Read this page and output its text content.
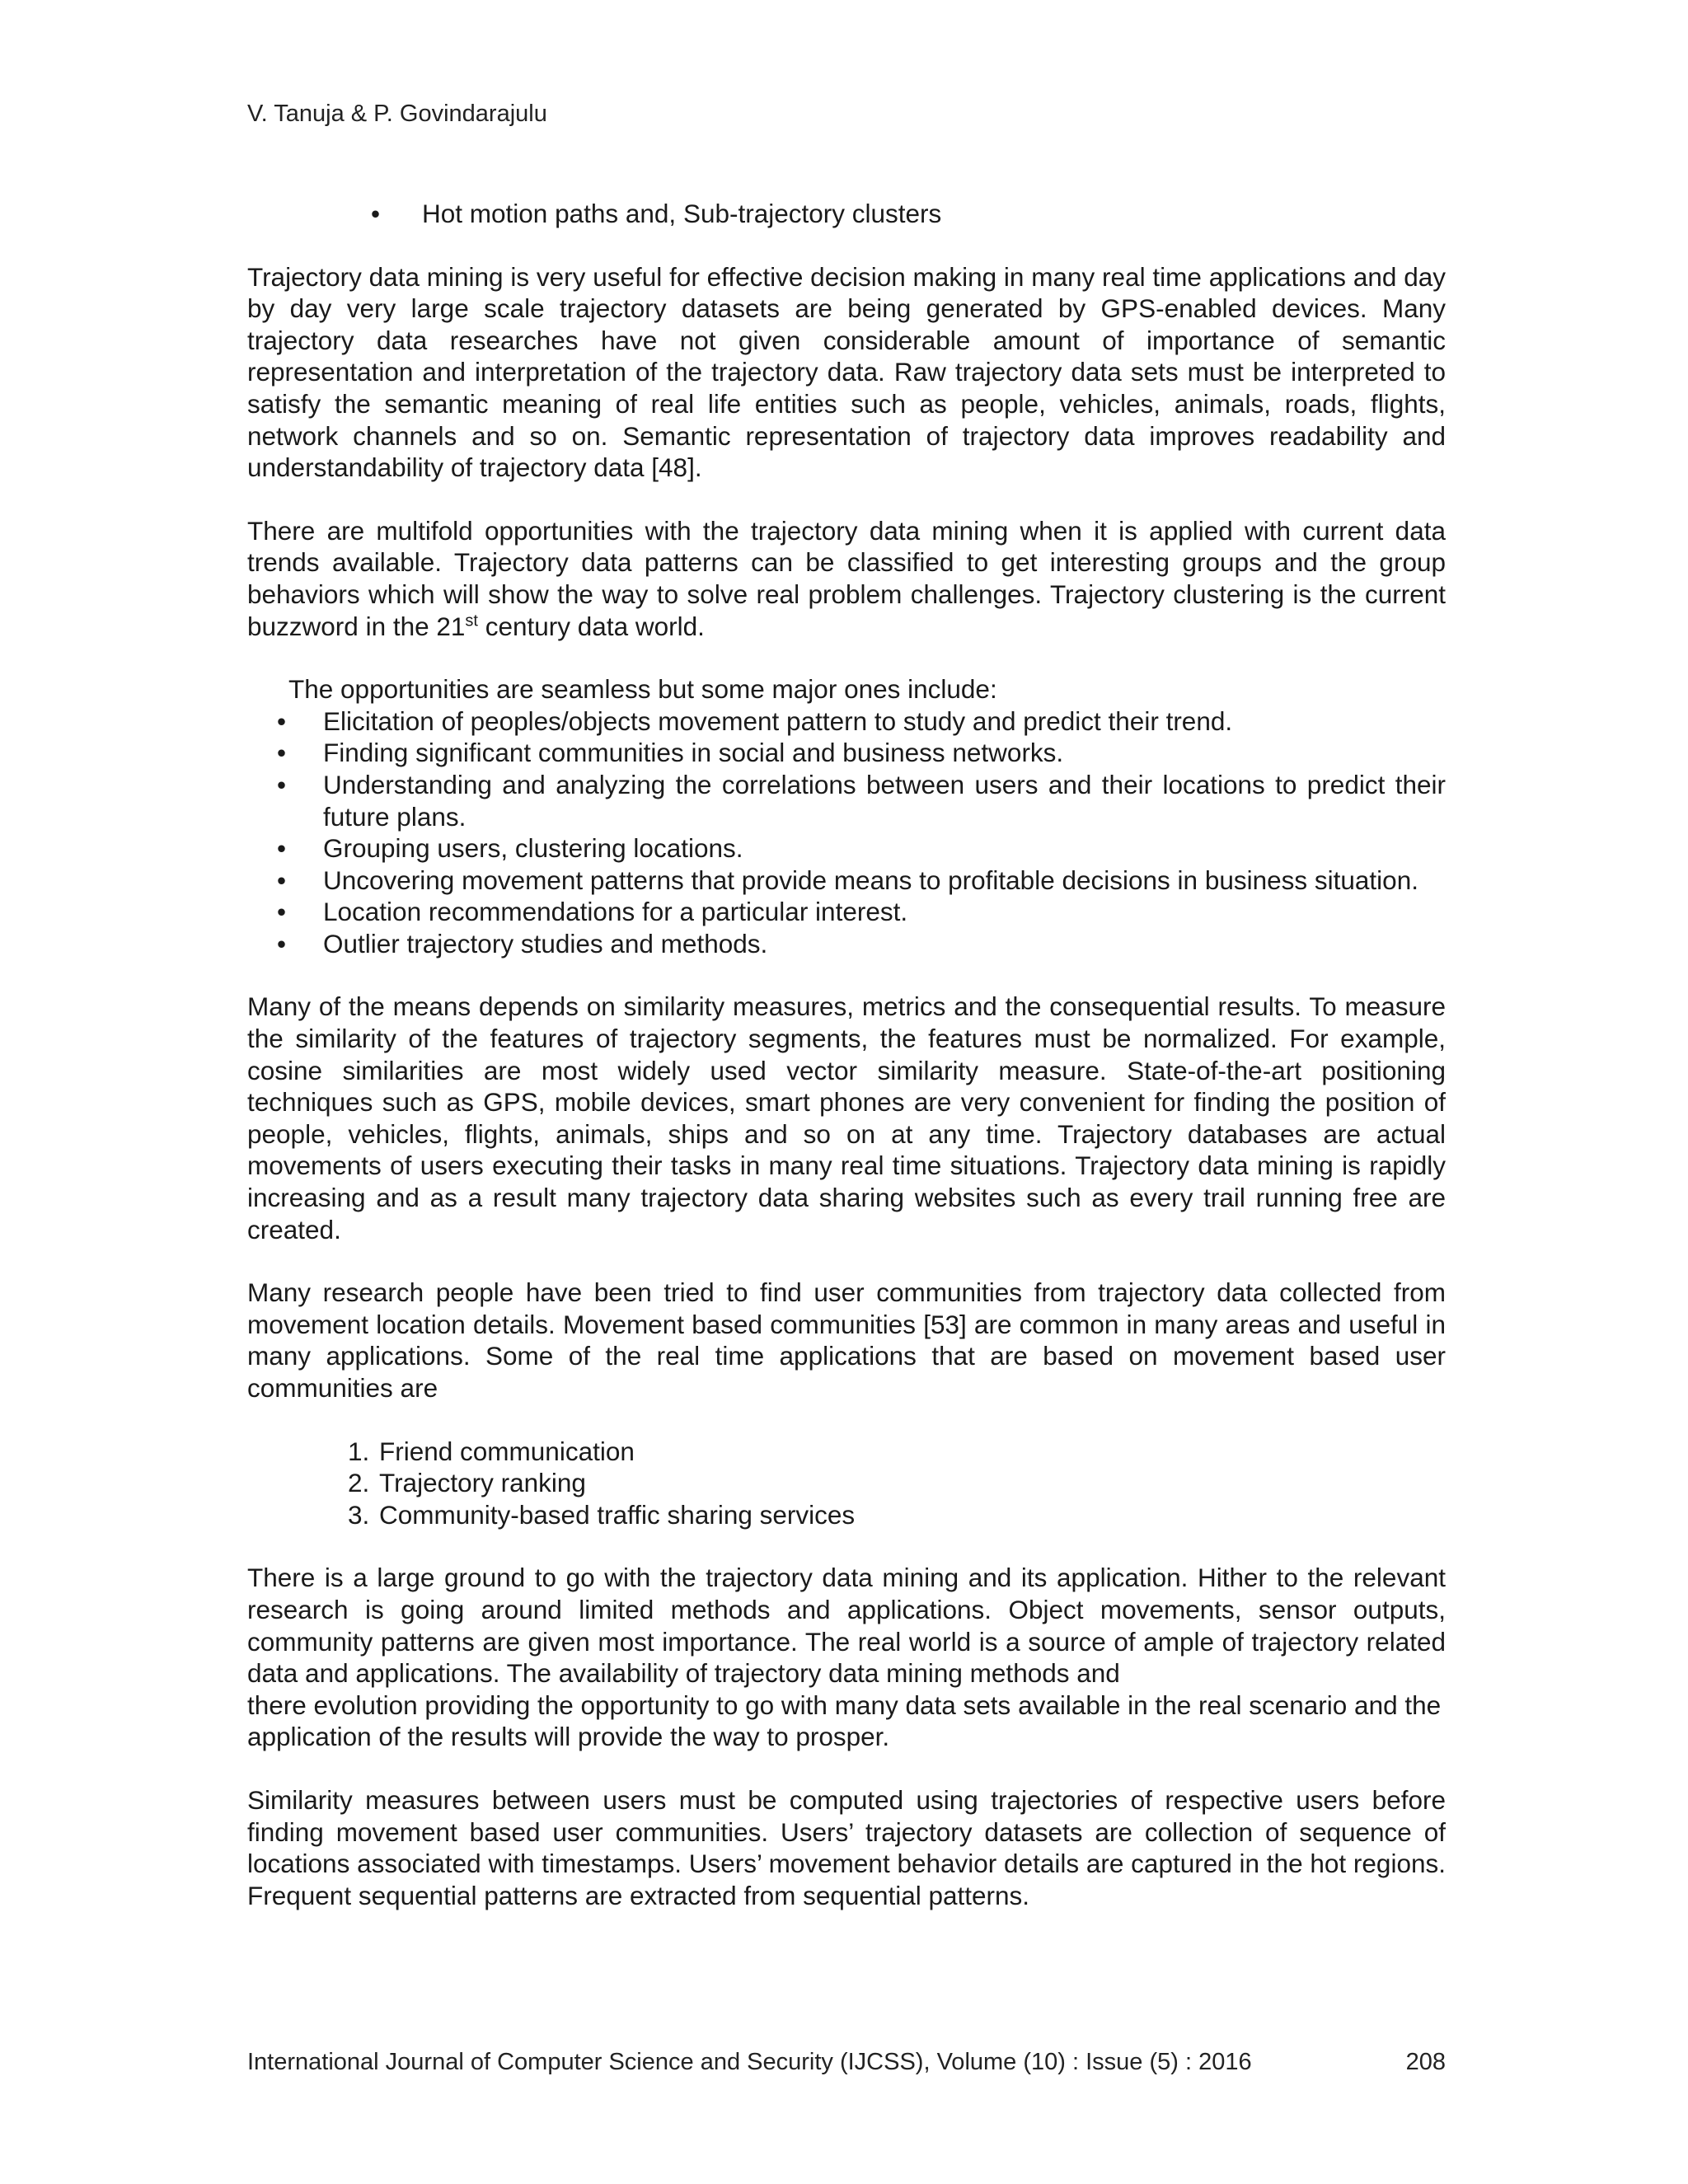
V. Tanuja & P. Govindarajulu
• Hot motion paths and, Sub-trajectory clusters

Trajectory data mining is very useful for effective decision making in many real time applications and day by day very large scale trajectory datasets are being generated by GPS-enabled devices. Many trajectory data researches have not given considerable amount of importance of semantic representation and interpretation of the trajectory data. Raw trajectory data sets must be interpreted to satisfy the semantic meaning of real life entities such as people, vehicles, animals, roads, flights, network channels and so on. Semantic representation of trajectory data improves readability and understandability of trajectory data [48].

There are multifold opportunities with the trajectory data mining when it is applied with current data trends available. Trajectory data patterns can be classified to get interesting groups and the group behaviors which will show the way to solve real problem challenges. Trajectory clustering is the current buzzword in the 21st century data world.

The opportunities are seamless but some major ones include:
• Elicitation of peoples/objects movement pattern to study and predict their trend.
• Finding significant communities in social and business networks.
• Understanding and analyzing the correlations between users and their locations to predict their future plans.
• Grouping users, clustering locations.
• Uncovering movement patterns that provide means to profitable decisions in business situation.
• Location recommendations for a particular interest.
• Outlier trajectory studies and methods.

Many of the means depends on similarity measures, metrics and the consequential results. To measure the similarity of the features of trajectory segments, the features must be normalized. For example, cosine similarities are most widely used vector similarity measure. State-of-the-art positioning techniques such as GPS, mobile devices, smart phones are very convenient for finding the position of people, vehicles, flights, animals, ships and so on at any time. Trajectory databases are actual movements of users executing their tasks in many real time situations. Trajectory data mining is rapidly increasing and as a result many trajectory data sharing websites such as every trail running free are created.

Many research people have been tried to find user communities from trajectory data collected from movement location details. Movement based communities [53] are common in many areas and useful in many applications. Some of the real time applications that are based on movement based user communities are

1. Friend communication
2. Trajectory ranking
3. Community-based traffic sharing services

There is a large ground to go with the trajectory data mining and its application. Hither to the relevant research is going around limited methods and applications. Object movements, sensor outputs, community patterns are given most importance. The real world is a source of ample of trajectory related data and applications. The availability of trajectory data mining methods and

there evolution providing the opportunity to go with many data sets available in the real scenario and the application of the results will provide the way to prosper.

Similarity measures between users must be computed using trajectories of respective users before finding movement based user communities. Users’ trajectory datasets are collection of sequence of locations associated with timestamps. Users’ movement behavior details are captured in the hot regions. Frequent sequential patterns are extracted from sequential patterns.

International Journal of Computer Science and Security (IJCSS), Volume (10) : Issue (5) : 2016	208
